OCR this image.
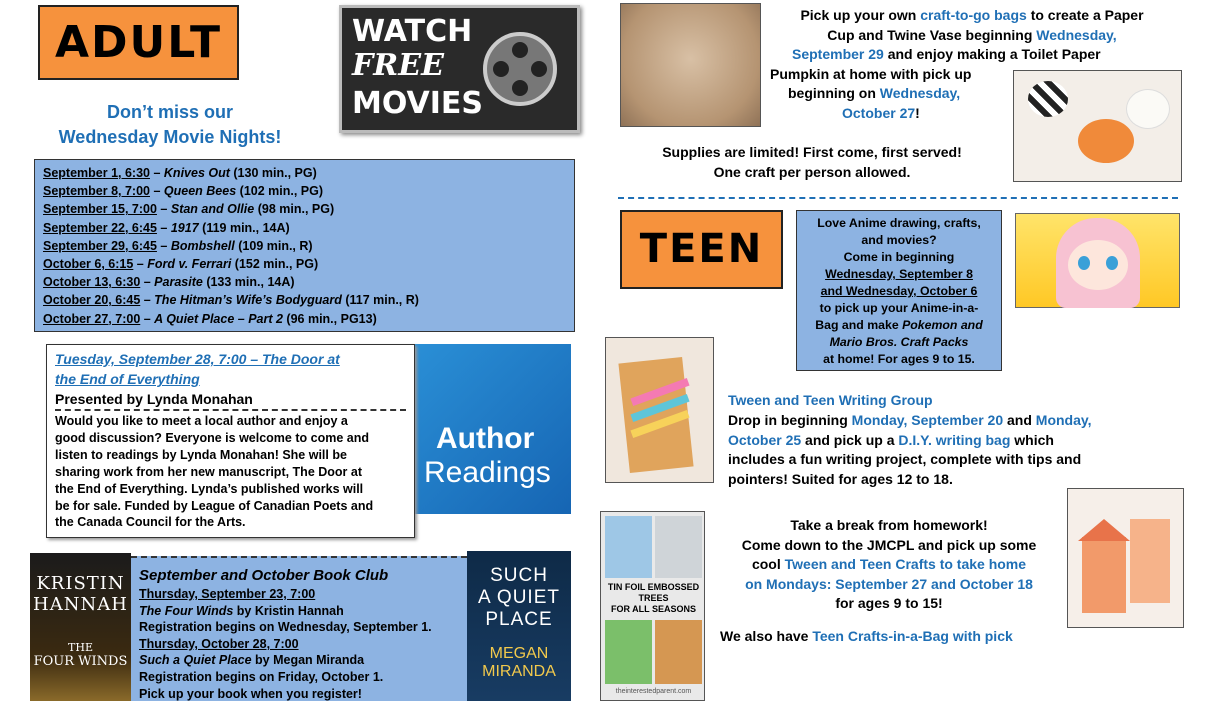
ADULT	WATCH
FREE
MOVIES
Don’t miss our
Wednesday Movie Nights!
September 1, 6:30 – Knives Out (130 min., PG)
September 8, 7:00 – Queen Bees (102 min., PG)
September 15, 7:00 – Stan and Ollie (98 min., PG)
September 22, 6:45 – 1917 (119 min., 14A)
September 29, 6:45 – Bombshell (109 min., R)
October 6, 6:15 – Ford v. Ferrari (152 min., PG)
October 13, 6:30 – Parasite (133 min., 14A)
October 20, 6:45 – The Hitman’s Wife’s Bodyguard (117 min., R)
October 27, 7:00 – A Quiet Place – Part 2 (96 min., PG13)
Tuesday, September 28, 7:00 – The Door at
the End of Everything
Presented by Lynda Monahan
Would you like to meet a local author and enjoy a
good discussion? Everyone is welcome to come and
listen to readings by Lynda Monahan! She will be
sharing work from her new manuscript, The Door at
the End of Everything. Lynda’s published works will
be for sale. Funded by League of Canadian Poets and
the Canada Council for the Arts.
Author
Readings
KRISTIN
HANNAH
THE
FOUR WINDS
September and October Book Club
Thursday, September 23, 7:00
The Four Winds by Kristin Hannah
Registration begins on Wednesday, September 1.
Thursday, October 28, 7:00
Such a Quiet Place by Megan Miranda
Registration begins on Friday, October 1.
Pick up your book when you register!
SUCH
A QUIET
PLACE
MEGAN
MIRANDA
Pick up your own craft-to-go bags to create a Paper
Cup and Twine Vase beginning Wednesday,
September 29 and enjoy making a Toilet Paper
Pumpkin at home with pick up
beginning on Wednesday,
October 27!
Supplies are limited! First come, first served!
One craft per person allowed.
TEEN
Love Anime drawing, crafts,
and movies?
Come in beginning
Wednesday, September 8
and Wednesday, October 6
to pick up your Anime-in-a-
Bag and make Pokemon and
Mario Bros. Craft Packs
at home! For ages 9 to 15.
Tween and Teen Writing Group
Drop in beginning Monday, September 20 and Monday,
October 25 and pick up a D.I.Y. writing bag which
includes a fun writing project, complete with tips and
pointers! Suited for ages 12 to 18.
TIN FOIL EMBOSSED
TREES
FOR ALL SEASONS
theinterestedparent.com
Take a break from homework!
Come down to the JMCPL and pick up some
cool Tween and Teen Crafts to take home
on Mondays: September 27 and October 18
for ages 9 to 15!
We also have Teen Crafts-in-a-Bag with pick
